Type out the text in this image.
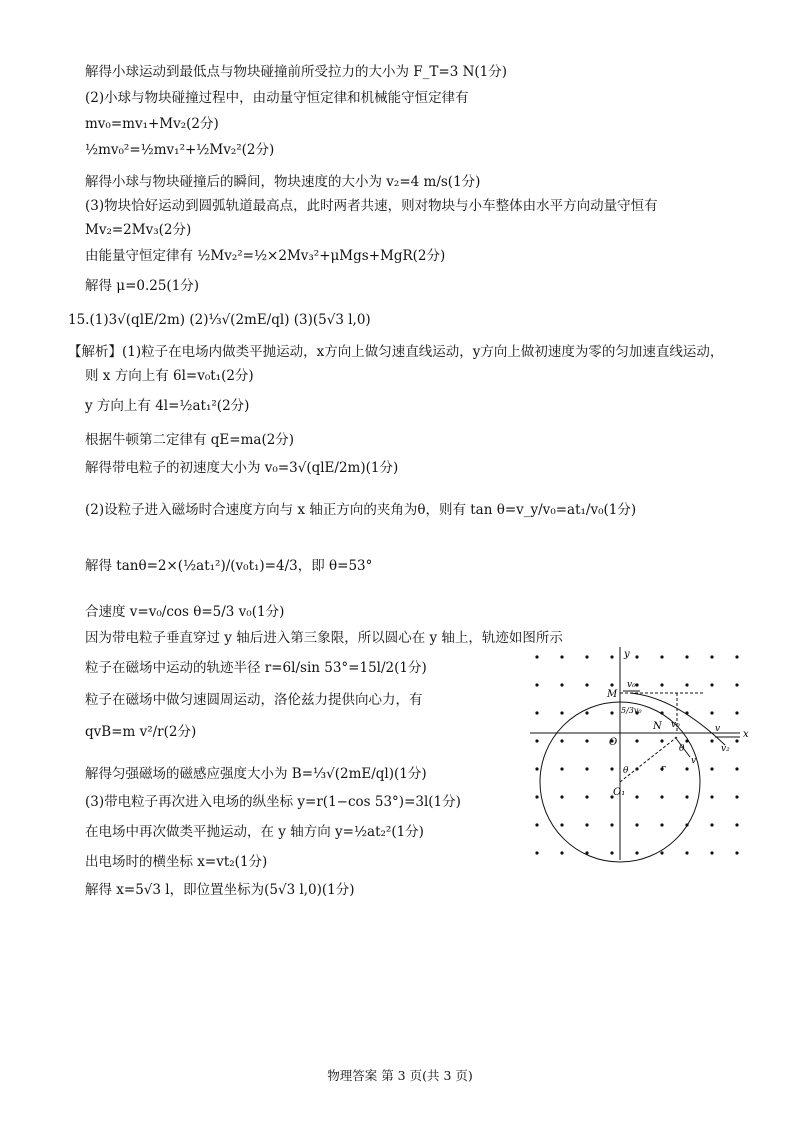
解得小球运动到最低点与物块碰撞前所受拉力的大小为 F_T=3 N(1分)
(2)小球与物块碰撞过程中，由动量守恒定律和机械能守恒定律有
mv₀=mv₁+Mv₂(2分)
½mv₀²=½mv₁²+½Mv₂²(2分)
解得小球与物块碰撞后的瞬间，物块速度的大小为 v₂=4 m/s(1分)
(3)物块恰好运动到圆弧轨道最高点，此时两者共速，则对物块与小车整体由水平方向动量守恒有
Mv₂=2Mv₃(2分)
由能量守恒定律有 ½Mv₂²=½×2Mv₃²+μMgs+MgR(2分)
解得 μ=0.25(1分)
15.(1)3√(qlE/2m) (2)⅓√(2mE/ql) (3)(5√3 l,0)
【解析】(1)粒子在电场内做类平抛运动，x方向上做匀速直线运动，y方向上做初速度为零的匀加速直线运动，
则 x 方向上有 6l=v₀t₁(2分)
y 方向上有 4l=½at₁²(2分)
根据牛顿第二定律有 qE=ma(2分)
解得带电粒子的初速度大小为 v₀=3√(qlE/2m)(1分)
(2)设粒子进入磁场时合速度方向与 x 轴正方向的夹角为θ，则有 tan θ=v_y/v₀=at₁/v₀(1分)
解得 tanθ=2×(½at₁²)/(v₀t₁)=4/3，即 θ=53°
合速度 v=v₀/cos θ=5/3 v₀(1分)
因为带电粒子垂直穿过 y 轴后进入第三象限，所以圆心在 y 轴上，轨迹如图所示
粒子在磁场中运动的轨迹半径 r=6l/sin 53°=15l/2(1分)
粒子在磁场中做匀速圆周运动，洛伦兹力提供向心力，有
qvB=m v²/r(2分)
解得匀强磁场的磁感应强度大小为 B=⅓√(2mE/ql)(1分)
(3)带电粒子再次进入电场的纵坐标 y=r(1−cos 53°)=3l(1分)
在电场中再次做类平抛运动，在 y 轴方向 y=½at₂²(1分)
出电场时的横坐标 x=vt₂(1分)
解得 x=5√3 l，即位置坐标为(5√3 l,0)(1分)
y
x
M
N
O
O₁
v₀
v₀	v
v₂
v
r
θ
θ
5/3v₀
物理答案 第 3 页(共 3 页)
